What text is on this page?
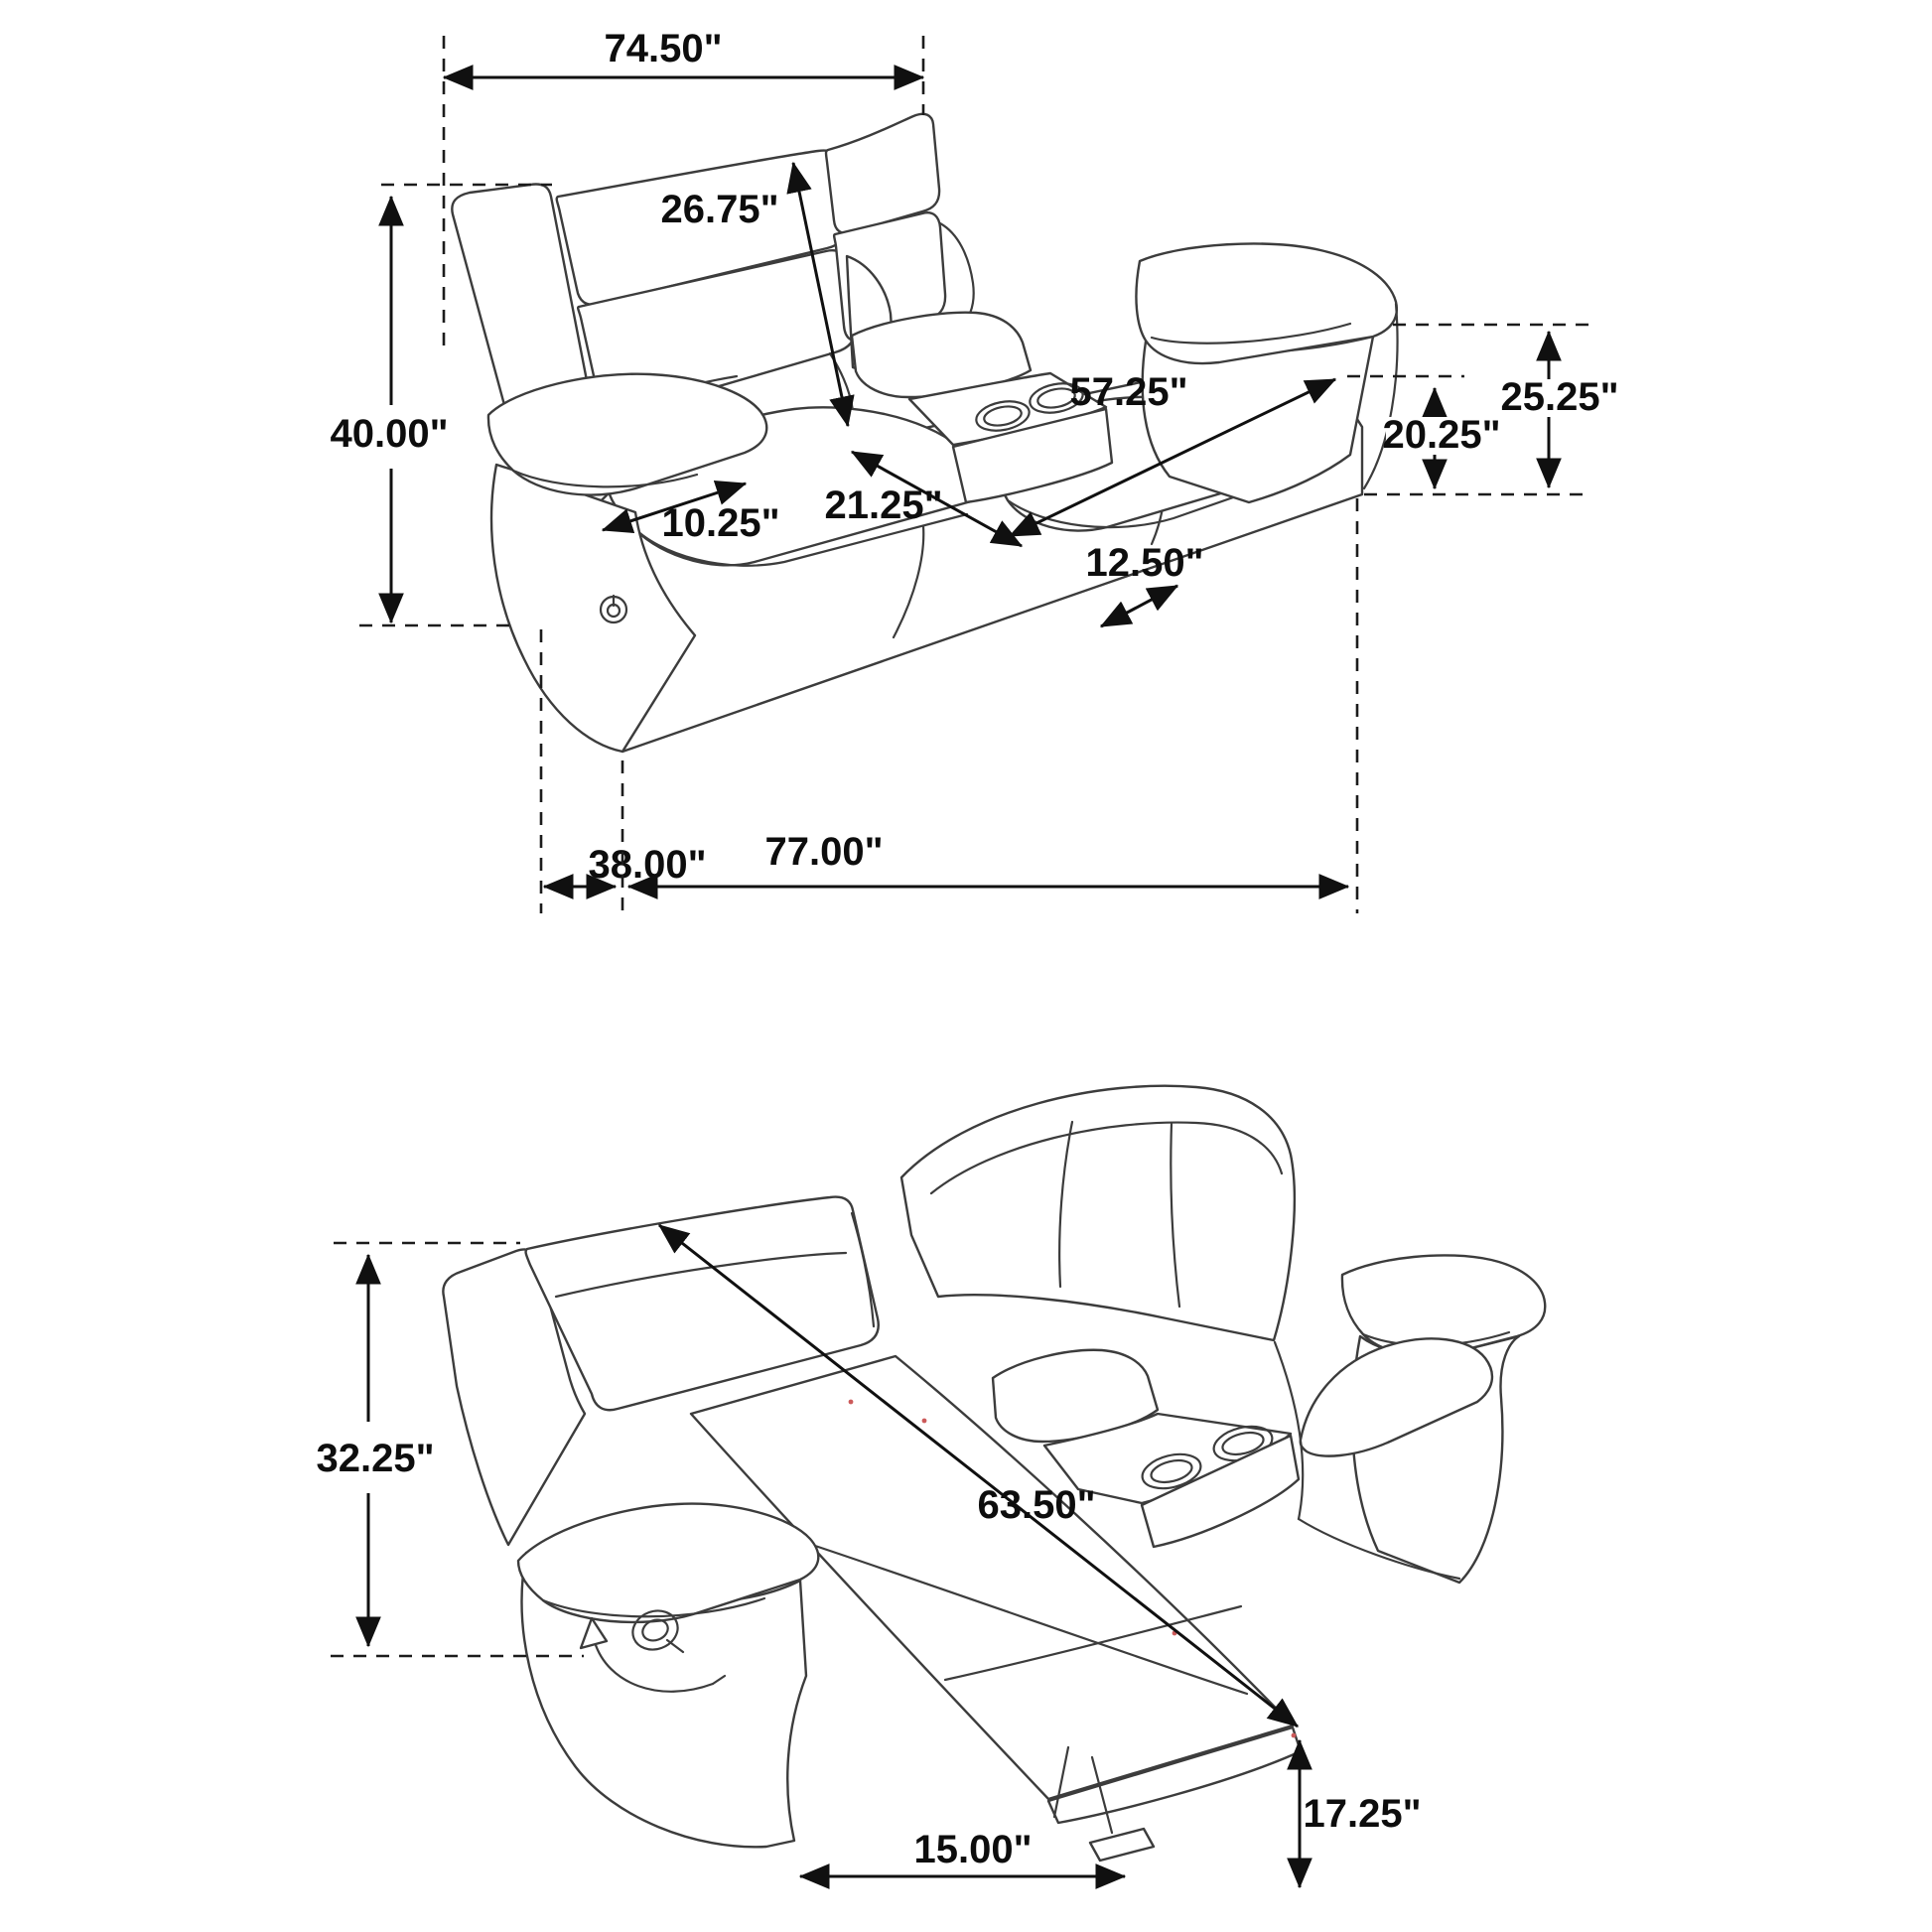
74.50"
40.00"
26.75"
57.25"
20.25"
25.25"
10.25" 21.25"
12.50"
38.00" 77.00"
32.25"
63.50"
17.25"
15.00"
